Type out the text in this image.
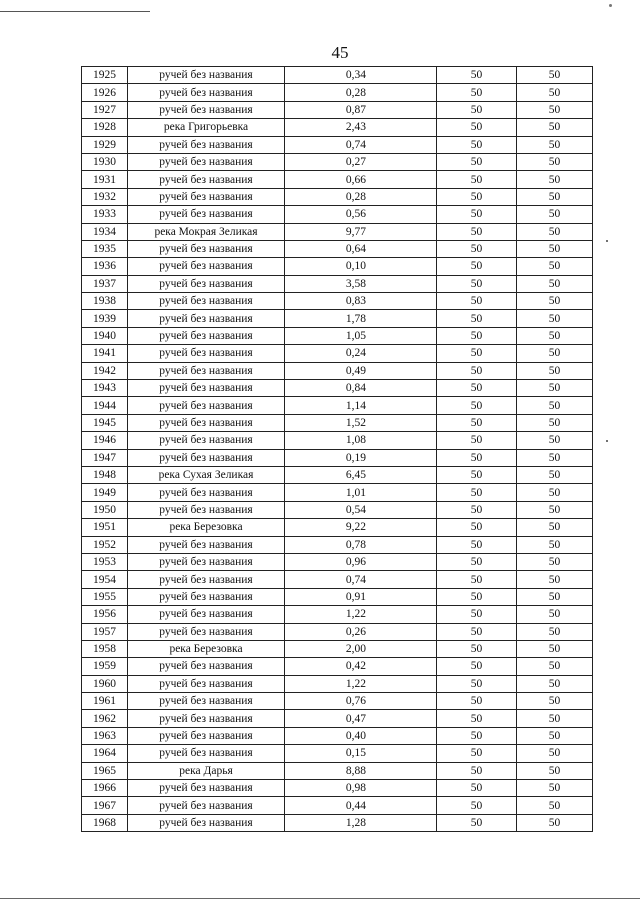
45
1925	ручей без названия	0,34	50	50
1926	ручей без названия	0,28	50	50
1927	ручей без названия	0,87	50	50
1928	река Григорьевка	2,43	50	50
1929	ручей без названия	0,74	50	50
1930	ручей без названия	0,27	50	50
1931	ручей без названия	0,66	50	50
1932	ручей без названия	0,28	50	50
1933	ручей без названия	0,56	50	50
1934	река Мокрая Зеликая	9,77	50	50
1935	ручей без названия	0,64	50	50
1936	ручей без названия	0,10	50	50
1937	ручей без названия	3,58	50	50
1938	ручей без названия	0,83	50	50
1939	ручей без названия	1,78	50	50
1940	ручей без названия	1,05	50	50
1941	ручей без названия	0,24	50	50
1942	ручей без названия	0,49	50	50
1943	ручей без названия	0,84	50	50
1944	ручей без названия	1,14	50	50
1945	ручей без названия	1,52	50	50
1946	ручей без названия	1,08	50	50
1947	ручей без названия	0,19	50	50
1948	река Сухая Зеликая	6,45	50	50
1949	ручей без названия	1,01	50	50
1950	ручей без названия	0,54	50	50
1951	река Березовка	9,22	50	50
1952	ручей без названия	0,78	50	50
1953	ручей без названия	0,96	50	50
1954	ручей без названия	0,74	50	50
1955	ручей без названия	0,91	50	50
1956	ручей без названия	1,22	50	50
1957	ручей без названия	0,26	50	50
1958	река Березовка	2,00	50	50
1959	ручей без названия	0,42	50	50
1960	ручей без названия	1,22	50	50
1961	ручей без названия	0,76	50	50
1962	ручей без названия	0,47	50	50
1963	ручей без названия	0,40	50	50
1964	ручей без названия	0,15	50	50
1965	река Дарья	8,88	50	50
1966	ручей без названия	0,98	50	50
1967	ручей без названия	0,44	50	50
1968	ручей без названия	1,28	50	50
